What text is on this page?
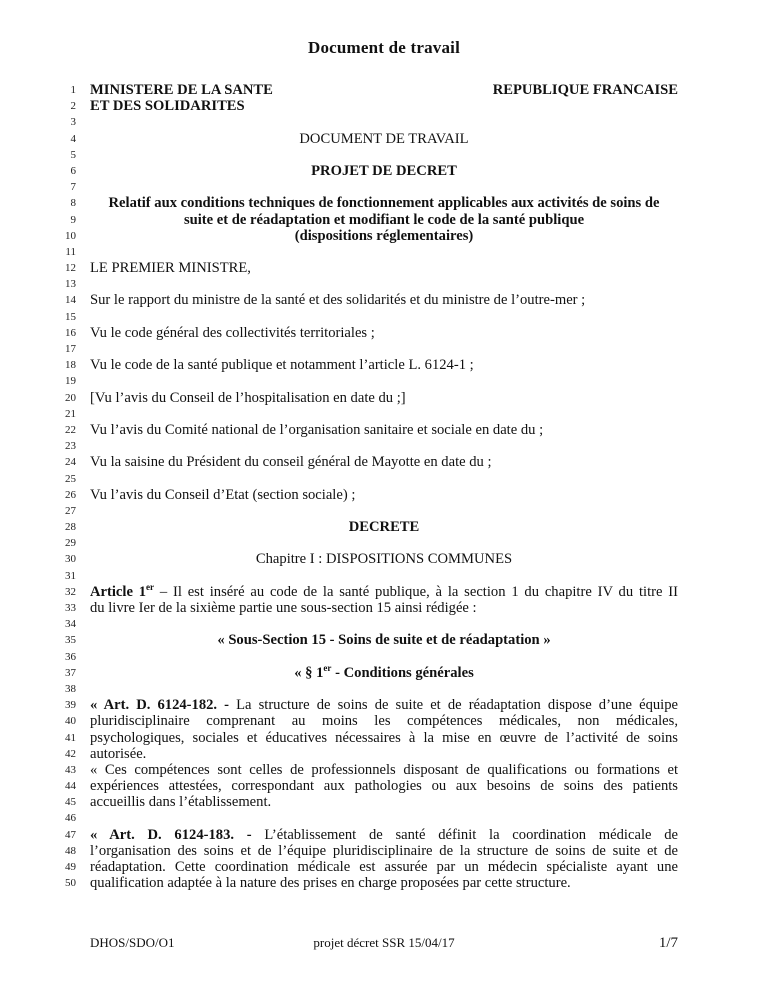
Document de travail
1 MINISTERE DE LA SANTE	REPUBLIQUE FRANCAISE
2 ET DES SOLIDARITES
3
4	DOCUMENT DE TRAVAIL
5
6	PROJET DE DECRET
7
8	Relatif aux conditions techniques de fonctionnement applicables aux activités de soins de
9	suite et de réadaptation et modifiant le code de la santé publique
10	(dispositions réglementaires)
11
12 LE PREMIER MINISTRE,
13
14 Sur le rapport du ministre de la santé et des solidarités et du ministre de l’outre-mer ;
15
16 Vu le code général des collectivités territoriales ;
17
18 Vu le code de la santé publique et notamment l’article L. 6124-1 ;
19
20 [Vu l’avis du Conseil de l’hospitalisation en date du ;]
21
22 Vu l’avis du Comité national de l’organisation sanitaire et sociale en date du ;
23
24 Vu la saisine du Président du conseil général de Mayotte en date du ;
25
26 Vu l’avis du Conseil d’Etat (section sociale) ;
27
28	DECRETE
29
30	Chapitre I : DISPOSITIONS COMMUNES
31
32 Article 1er – Il est inséré au code de la santé publique, à la section 1 du chapitre IV du titre II
33 du livre Ier de la sixième partie une sous-section 15 ainsi rédigée :
34
35	« Sous-Section 15 - Soins de suite et de réadaptation »
36
37	« § 1er - Conditions générales
38
39 « Art. D. 6124-182. - La structure de soins de suite et de réadaptation dispose d’une équipe
40 pluridisciplinaire comprenant au moins les compétences médicales, non médicales,
41 psychologiques, sociales et éducatives nécessaires à la mise en œuvre de l’activité de soins
42 autorisée.
43 « Ces compétences sont celles de professionnels disposant de qualifications ou formations et
44 expériences attestées, correspondant aux pathologies ou aux besoins de soins des patients
45 accueillis dans l’établissement.
46
47 « Art. D. 6124-183. - L’établissement de santé définit la coordination médicale de
48 l’organisation des soins et de l’équipe pluridisciplinaire de la structure de soins de suite et de
49 réadaptation. Cette coordination médicale est assurée par un médecin spécialiste ayant une
50 qualification adaptée à la nature des prises en charge proposées par cette structure.
DHOS/SDO/O1	projet décret SSR 15/04/17	1/7
